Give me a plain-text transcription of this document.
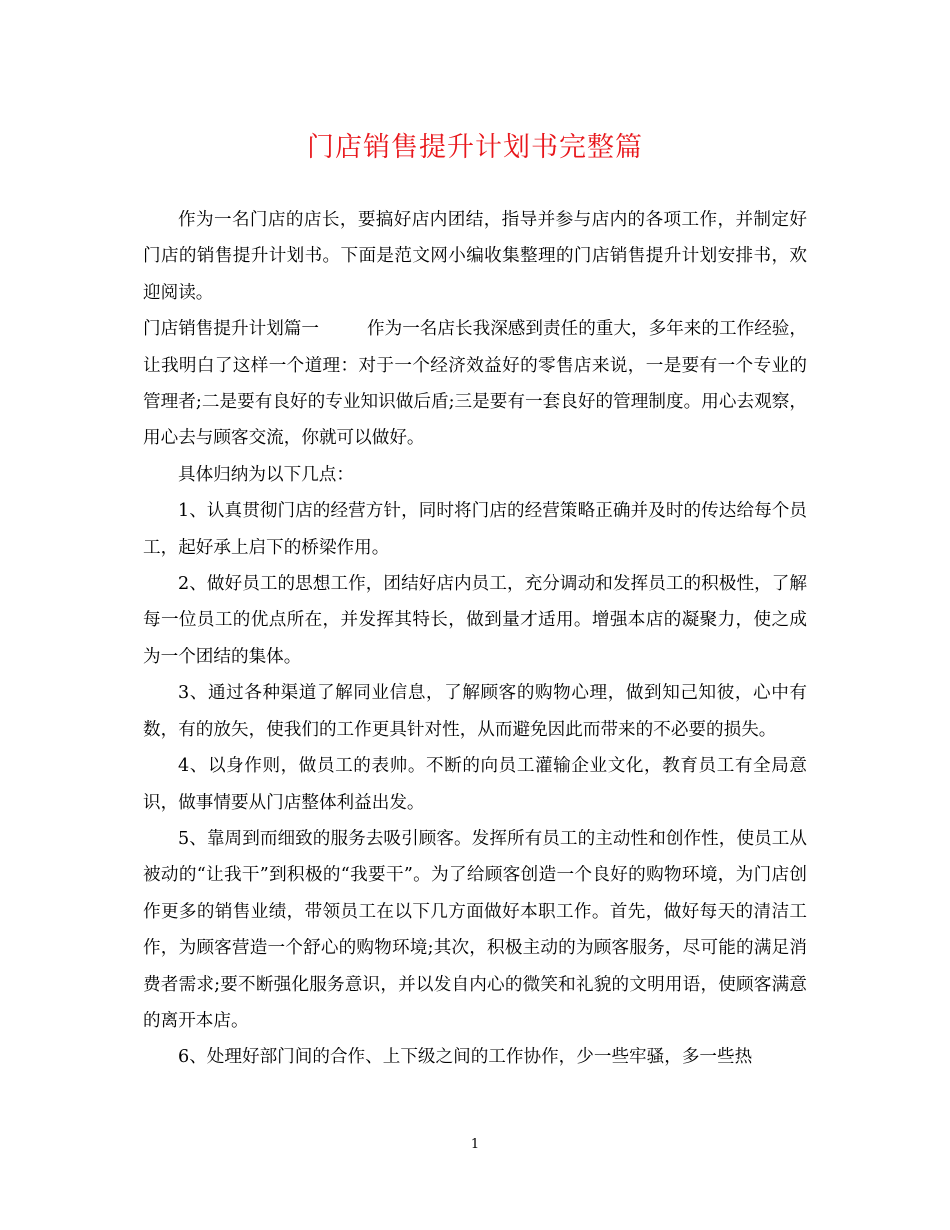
门店销售提升计划书完整篇

作为一名门店的店长，要搞好店内团结，指导并参与店内的各项工作，并制定好门店的销售提升计划书。下面是范文网小编收集整理的门店销售提升计划安排书，欢迎阅读。

门店销售提升计划篇一	作为一名店长我深感到责任的重大，多年来的工作经验，让我明白了这样一个道理：对于一个经济效益好的零售店来说，一是要有一个专业的管理者;二是要有良好的专业知识做后盾;三是要有一套良好的管理制度。用心去观察，用心去与顾客交流，你就可以做好。

具体归纳为以下几点：

1、认真贯彻门店的经营方针，同时将门店的经营策略正确并及时的传达给每个员工，起好承上启下的桥梁作用。

2、做好员工的思想工作，团结好店内员工，充分调动和发挥员工的积极性，了解每一位员工的优点所在，并发挥其特长，做到量才适用。增强本店的凝聚力，使之成为一个团结的集体。

3、通过各种渠道了解同业信息，了解顾客的购物心理，做到知己知彼，心中有数，有的放矢，使我们的工作更具针对性，从而避免因此而带来的不必要的损失。

4、以身作则，做员工的表帅。不断的向员工灌输企业文化，教育员工有全局意识，做事情要从门店整体利益出发。

5、靠周到而细致的服务去吸引顾客。发挥所有员工的主动性和创作性，使员工从被动的“让我干”到积极的“我要干”。为了给顾客创造一个良好的购物环境，为门店创作更多的销售业绩，带领员工在以下几方面做好本职工作。首先，做好每天的清洁工作，为顾客营造一个舒心的购物环境;其次，积极主动的为顾客服务，尽可能的满足消费者需求;要不断强化服务意识，并以发自内心的微笑和礼貌的文明用语，使顾客满意的离开本店。

6、处理好部门间的合作、上下级之间的工作协作，少一些牢骚，多一些热

1
